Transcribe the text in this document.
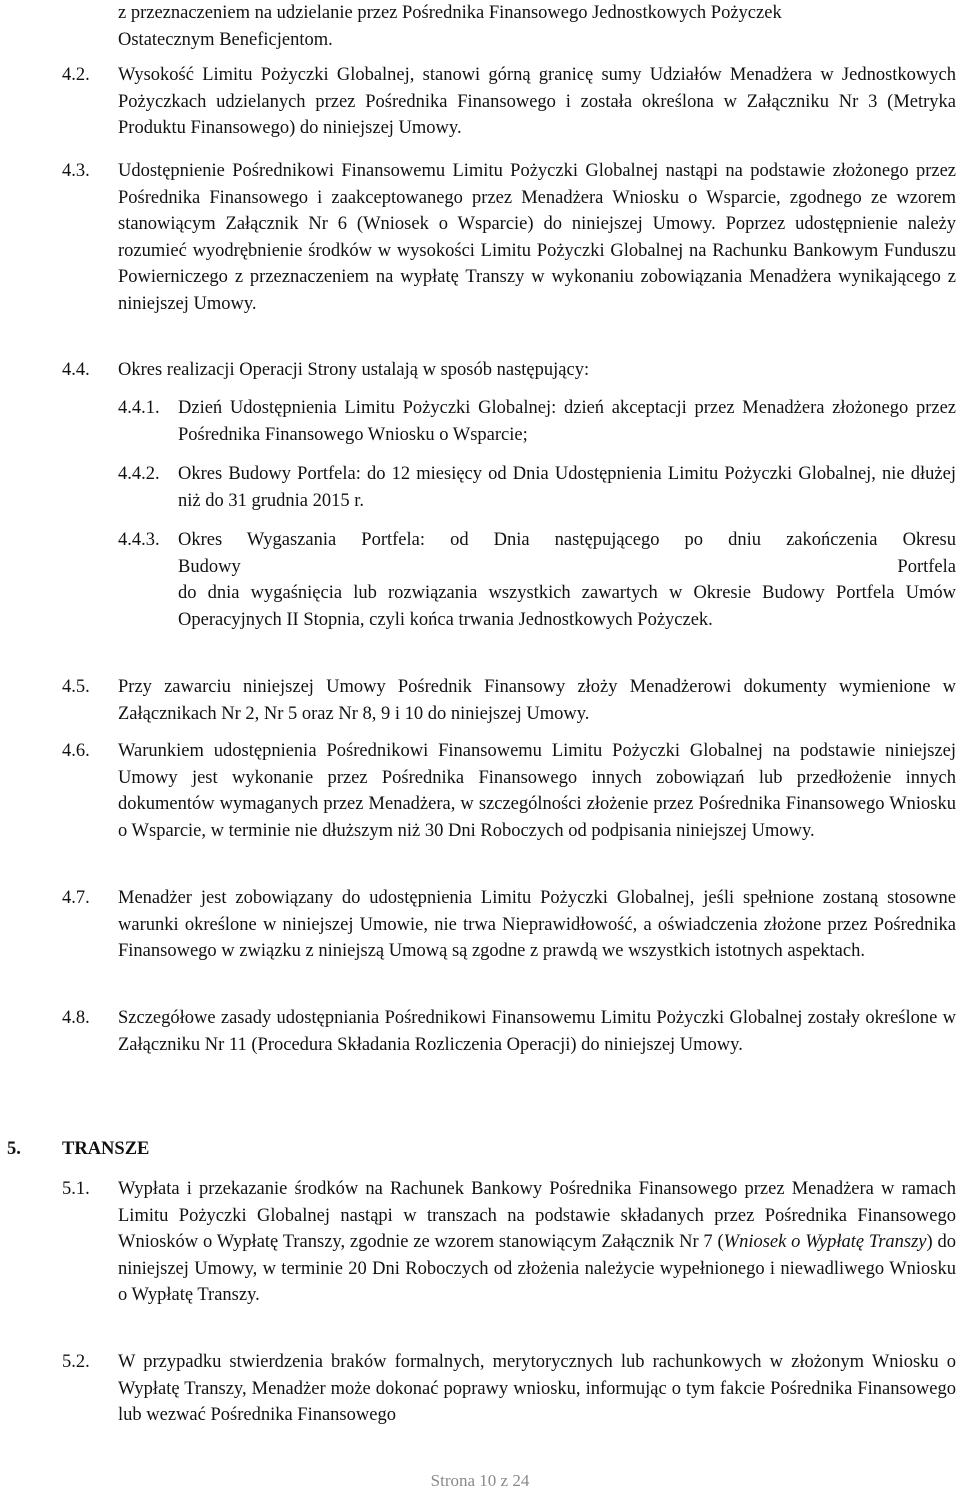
z przeznaczeniem na udzielanie przez Pośrednika Finansowego Jednostkowych Pożyczek
Ostatecznym Beneficjentom.
4.2. Wysokość Limitu Pożyczki Globalnej, stanowi górną granicę sumy Udziałów Menadżera w Jednostkowych Pożyczkach udzielanych przez Pośrednika Finansowego i została określona w Załączniku Nr 3 (Metryka Produktu Finansowego) do niniejszej Umowy.
4.3. Udostępnienie Pośrednikowi Finansowemu Limitu Pożyczki Globalnej nastąpi na podstawie złożonego przez Pośrednika Finansowego i zaakceptowanego przez Menadżera Wniosku o Wsparcie, zgodnego ze wzorem stanowiącym Załącznik Nr 6 (Wniosek o Wsparcie) do niniejszej Umowy. Poprzez udostępnienie należy rozumieć wyodrębnienie środków w wysokości Limitu Pożyczki Globalnej na Rachunku Bankowym Funduszu Powierniczego z przeznaczeniem na wypłatę Transzy w wykonaniu zobowiązania Menadżera wynikającego z niniejszej Umowy.
4.4. Okres realizacji Operacji Strony ustalają w sposób następujący:
4.4.1. Dzień Udostępnienia Limitu Pożyczki Globalnej: dzień akceptacji przez Menadżera złożonego przez Pośrednika Finansowego Wniosku o Wsparcie;
4.4.2. Okres Budowy Portfela: do 12 miesięcy od Dnia Udostępnienia Limitu Pożyczki Globalnej, nie dłużej niż do 31 grudnia 2015 r.
4.4.3. Okres Wygaszania Portfela: od Dnia następującego po dniu zakończenia Okresu
Budowy Portfela
do dnia wygaśnięcia lub rozwiązania wszystkich zawartych w Okresie Budowy Portfela Umów Operacyjnych II Stopnia, czyli końca trwania Jednostkowych Pożyczek.
4.5. Przy zawarciu niniejszej Umowy Pośrednik Finansowy złoży Menadżerowi dokumenty wymienione w Załącznikach Nr 2, Nr 5 oraz Nr 8, 9 i 10 do niniejszej Umowy.
4.6. Warunkiem udostępnienia Pośrednikowi Finansowemu Limitu Pożyczki Globalnej na podstawie niniejszej Umowy jest wykonanie przez Pośrednika Finansowego innych zobowiązań lub przedłożenie innych dokumentów wymaganych przez Menadżera, w szczególności złożenie przez Pośrednika Finansowego Wniosku o Wsparcie, w terminie nie dłuższym niż 30 Dni Roboczych od podpisania niniejszej Umowy.
4.7. Menadżer jest zobowiązany do udostępnienia Limitu Pożyczki Globalnej, jeśli spełnione zostaną stosowne warunki określone w niniejszej Umowie, nie trwa Nieprawidłowość, a oświadczenia złożone przez Pośrednika Finansowego w związku z niniejszą Umową są zgodne z prawdą we wszystkich istotnych aspektach.
4.8. Szczegółowe zasady udostępniania Pośrednikowi Finansowemu Limitu Pożyczki Globalnej zostały określone w Załączniku Nr 11 (Procedura Składania Rozliczenia Operacji) do niniejszej Umowy.
5. TRANSZE
5.1. Wypłata i przekazanie środków na Rachunek Bankowy Pośrednika Finansowego przez Menadżera w ramach Limitu Pożyczki Globalnej nastąpi w transzach na podstawie składanych przez Pośrednika Finansowego Wniosków o Wypłatę Transzy, zgodnie ze wzorem stanowiącym Załącznik Nr 7 (Wniosek o Wypłatę Transzy) do niniejszej Umowy, w terminie 20 Dni Roboczych od złożenia należycie wypełnionego i niewadliwego Wniosku o Wypłatę Transzy.
5.2. W przypadku stwierdzenia braków formalnych, merytorycznych lub rachunkowych w złożonym Wniosku o Wypłatę Transzy, Menadżer może dokonać poprawy wniosku, informując o tym fakcie Pośrednika Finansowego lub wezwać Pośrednika Finansowego
Strona 10 z 24
